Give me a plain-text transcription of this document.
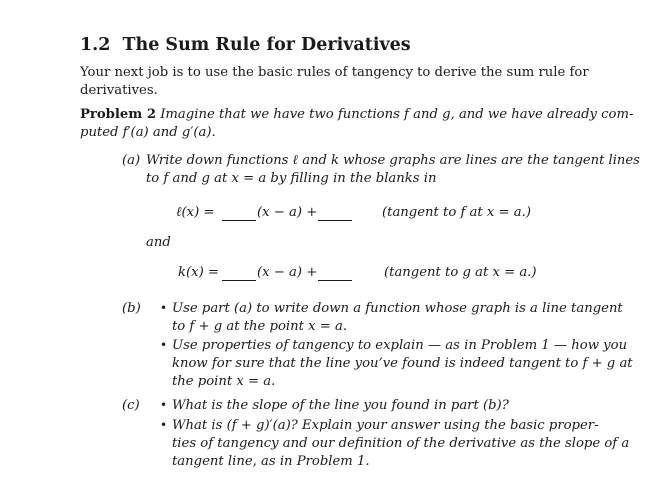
1.2 The Sum Rule for Derivatives
Your next job is to use the basic rules of tangency to derive the sum rule for
derivatives.
Problem 2 Imagine that we have two functions f and g, and we have already com-
puted f′(a) and g′(a).
(a) Write down functions ℓ and k whose graphs are lines are the tangent lines
to f and g at x = a by filling in the blanks in
ℓ(x) =	(x − a) +	(tangent to f at x = a.)
and
k(x) =	(x − a) +	(tangent to g at x = a.)
(b) • Use part (a) to write down a function whose graph is a line tangent
to f + g at the point x = a.
• Use properties of tangency to explain — as in Problem 1 — how you
know for sure that the line you’ve found is indeed tangent to f + g at
the point x = a.
(c) • What is the slope of the line you found in part (b)?
• What is (f + g)′(a)? Explain your answer using the basic proper-
ties of tangency and our definition of the derivative as the slope of a
tangent line, as in Problem 1.
